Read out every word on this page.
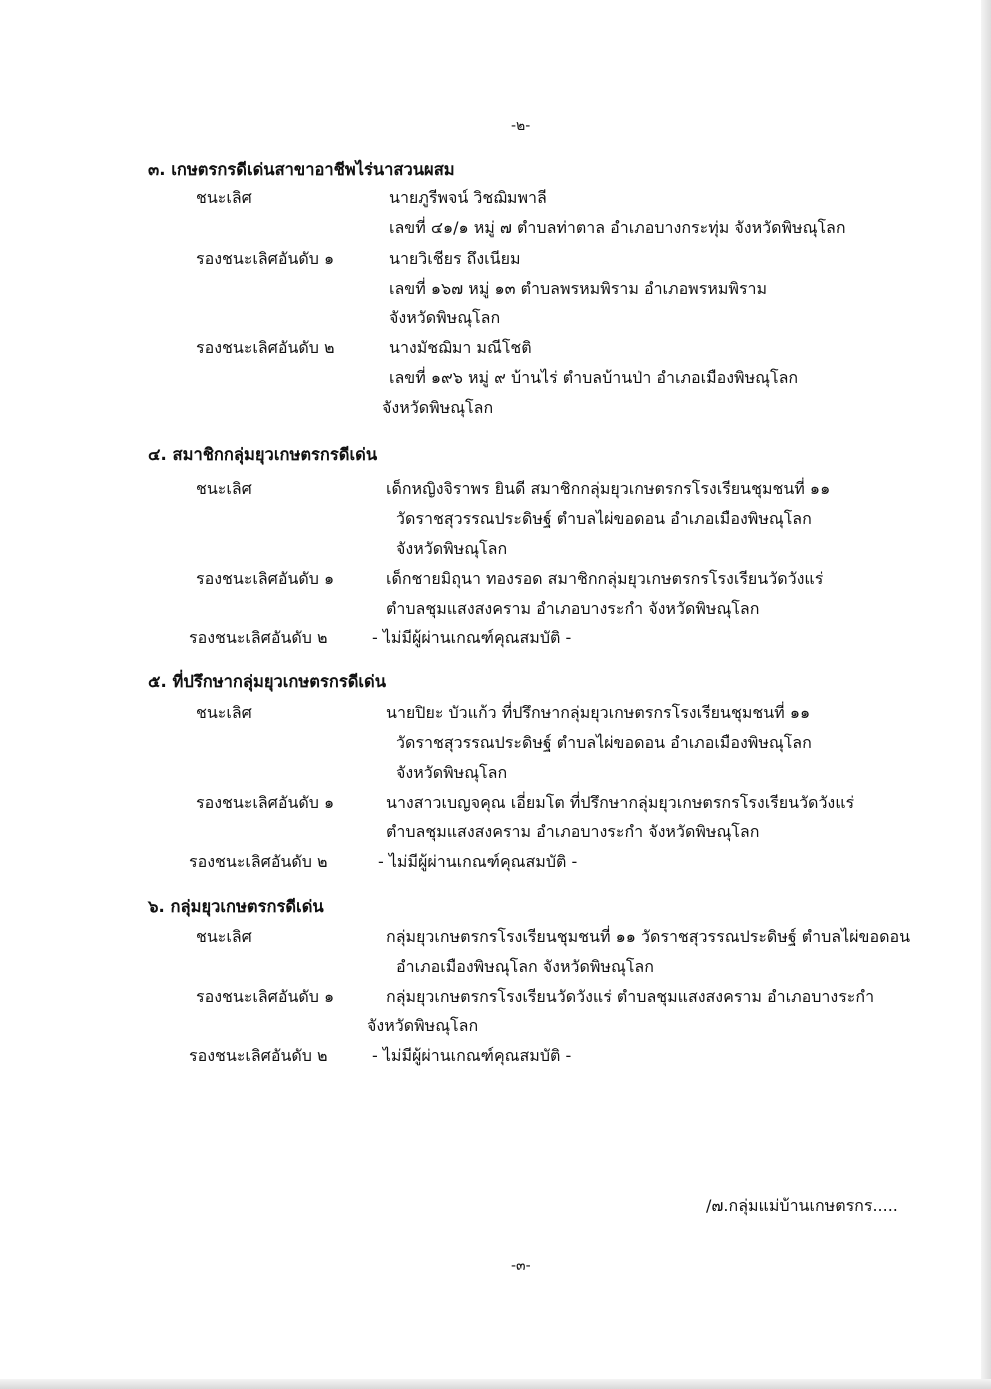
-๒-
๓. เกษตรกรดีเด่นสาขาอาชีพไร่นาสวนผสม
ชนะเลิศ	นายภูรีพจน์ วิชฌิมพาลี
เลขที่ ๔๑/๑ หมู่ ๗ ตำบลท่าตาล อำเภอบางกระทุ่ม จังหวัดพิษณุโลก
รองชนะเลิศอันดับ ๑	นายวิเชียร ถึงเนียม
เลขที่ ๑๖๗ หมู่ ๑๓ ตำบลพรหมพิราม อำเภอพรหมพิราม
จังหวัดพิษณุโลก
รองชนะเลิศอันดับ ๒	นางมัชฌิมา มณีโชติ
เลขที่ ๑๙๖ หมู่ ๙ บ้านไร่ ตำบลบ้านป่า อำเภอเมืองพิษณุโลก
จังหวัดพิษณุโลก
๔. สมาชิกกลุ่มยุวเกษตรกรดีเด่น
ชนะเลิศ	เด็กหญิงจิราพร ยินดี สมาชิกกลุ่มยุวเกษตรกรโรงเรียนชุมชนที่ ๑๑
วัดราชสุวรรณประดิษฐ์ ตำบลไผ่ขอดอน อำเภอเมืองพิษณุโลก
จังหวัดพิษณุโลก
รองชนะเลิศอันดับ ๑	เด็กชายมิถุนา ทองรอด สมาชิกกลุ่มยุวเกษตรกรโรงเรียนวัดวังแร่
ตำบลชุมแสงสงคราม อำเภอบางระกำ จังหวัดพิษณุโลก
รองชนะเลิศอันดับ ๒	- ไม่มีผู้ผ่านเกณฑ์คุณสมบัติ -
๕. ที่ปรึกษากลุ่มยุวเกษตรกรดีเด่น
ชนะเลิศ	นายปิยะ บัวแก้ว ที่ปรึกษากลุ่มยุวเกษตรกรโรงเรียนชุมชนที่ ๑๑
วัดราชสุวรรณประดิษฐ์ ตำบลไผ่ขอดอน อำเภอเมืองพิษณุโลก
จังหวัดพิษณุโลก
รองชนะเลิศอันดับ ๑	นางสาวเบญจคุณ เอี่ยมโต ที่ปรึกษากลุ่มยุวเกษตรกรโรงเรียนวัดวังแร่
ตำบลชุมแสงสงคราม อำเภอบางระกำ จังหวัดพิษณุโลก
รองชนะเลิศอันดับ ๒	- ไม่มีผู้ผ่านเกณฑ์คุณสมบัติ -
๖. กลุ่มยุวเกษตรกรดีเด่น
ชนะเลิศ	กลุ่มยุวเกษตรกรโรงเรียนชุมชนที่ ๑๑ วัดราชสุวรรณประดิษฐ์ ตำบลไผ่ขอดอน
อำเภอเมืองพิษณุโลก จังหวัดพิษณุโลก
รองชนะเลิศอันดับ ๑	กลุ่มยุวเกษตรกรโรงเรียนวัดวังแร่ ตำบลชุมแสงสงคราม อำเภอบางระกำ
จังหวัดพิษณุโลก
รองชนะเลิศอันดับ ๒	- ไม่มีผู้ผ่านเกณฑ์คุณสมบัติ -
/๗.กลุ่มแม่บ้านเกษตรกร.....
-๓-
